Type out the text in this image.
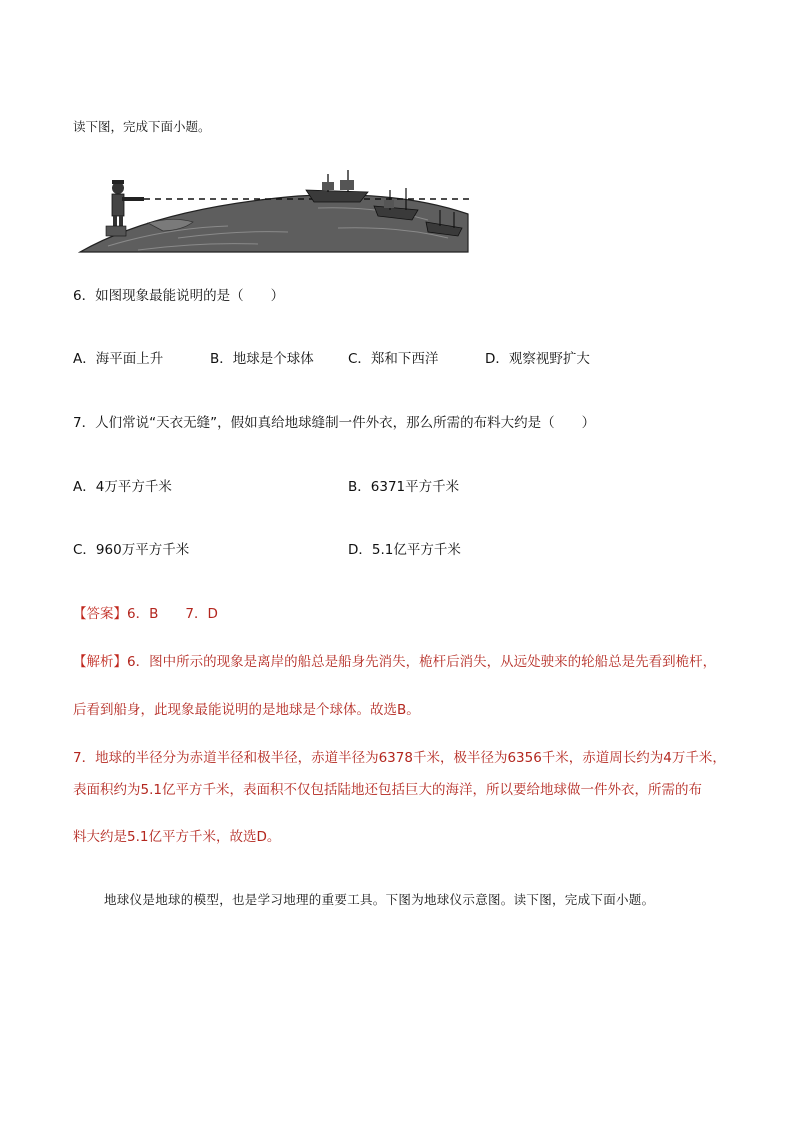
读下图，完成下面小题。
6．如图现象最能说明的是（　　）
A．海平面上升	B．地球是个球体	C．郑和下西洋	D．观察视野扩大
7．人们常说“天衣无缝”，假如真给地球缝制一件外衣，那么所需的布料大约是（　　）
A．4万平方千米	B．6371平方千米
C．960万平方千米	D．5.1亿平方千米
【答案】6．B　　7．D
【解析】6．图中所示的现象是离岸的船总是船身先消失，桅杆后消失，从远处驶来的轮船总是先看到桅杆，
后看到船身，此现象最能说明的是地球是个球体。故选B。
7．地球的半径分为赤道半径和极半径，赤道半径为6378千米，极半径为6356千米，赤道周长约为4万千米，
表面积约为5.1亿平方千米，表面积不仅包括陆地还包括巨大的海洋，所以要给地球做一件外衣，所需的布
料大约是5.1亿平方千米，故选D。
地球仪是地球的模型，也是学习地理的重要工具。下图为地球仪示意图。读下图，完成下面小题。
